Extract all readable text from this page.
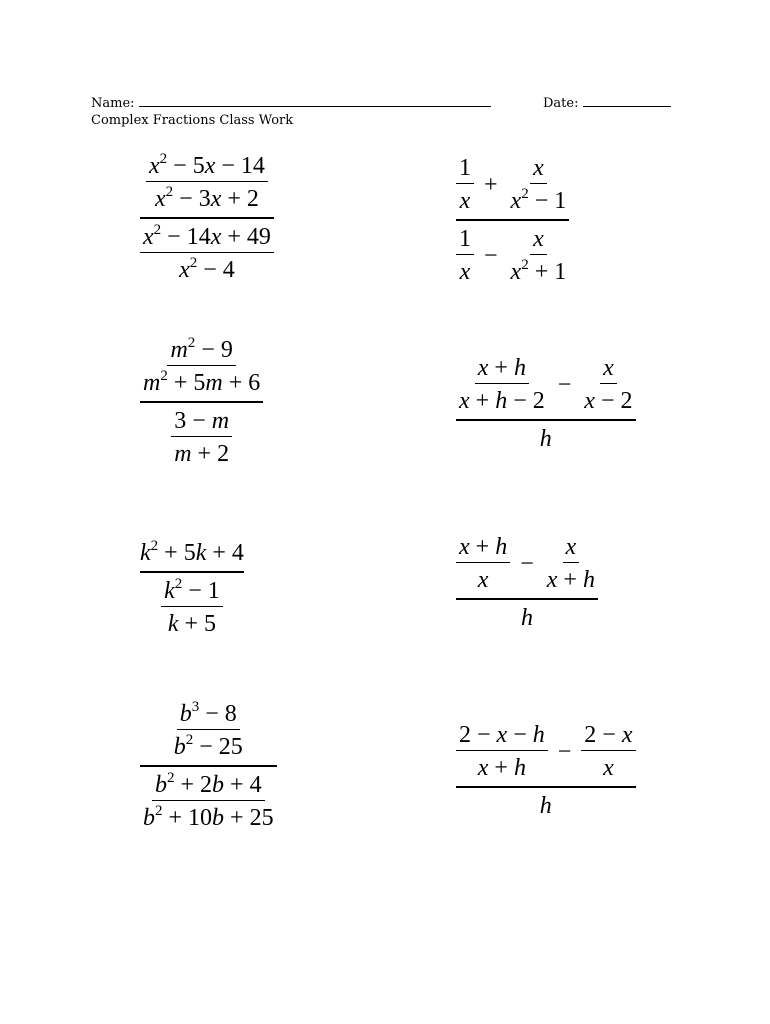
Name:	Date:
Complex Fractions Class Work
$\frac{\frac{x^2 - 5x - 14}{x^2 - 3x + 2}}{\frac{x^2 - 14x + 49}{x^2 - 4}}$	$\frac{\frac{1}{x} + \frac{x}{x^2 - 1}}{\frac{1}{x} - \frac{x}{x^2 + 1}}$
$\frac{\frac{m^2 - 9}{m^2 + 5m + 6}}{\frac{3 - m}{m + 2}}$	$\frac{x + h}{x + h - 2} - \frac{x}{x - 2}$
h
$\frac{k^2 + 5k + 4}{\frac{k^2 - 1}{k + 5}}$	$\frac{x + h}{x} - \frac{x}{x + h}$
h
$\frac{\frac{b^3 - 8}{b^2 - 25}}{\frac{b^2 + 2b + 4}{b^2 + 10b + 25}}$	$\frac{2 - x - h}{x + h} - \frac{2 - x}{x}$
h
